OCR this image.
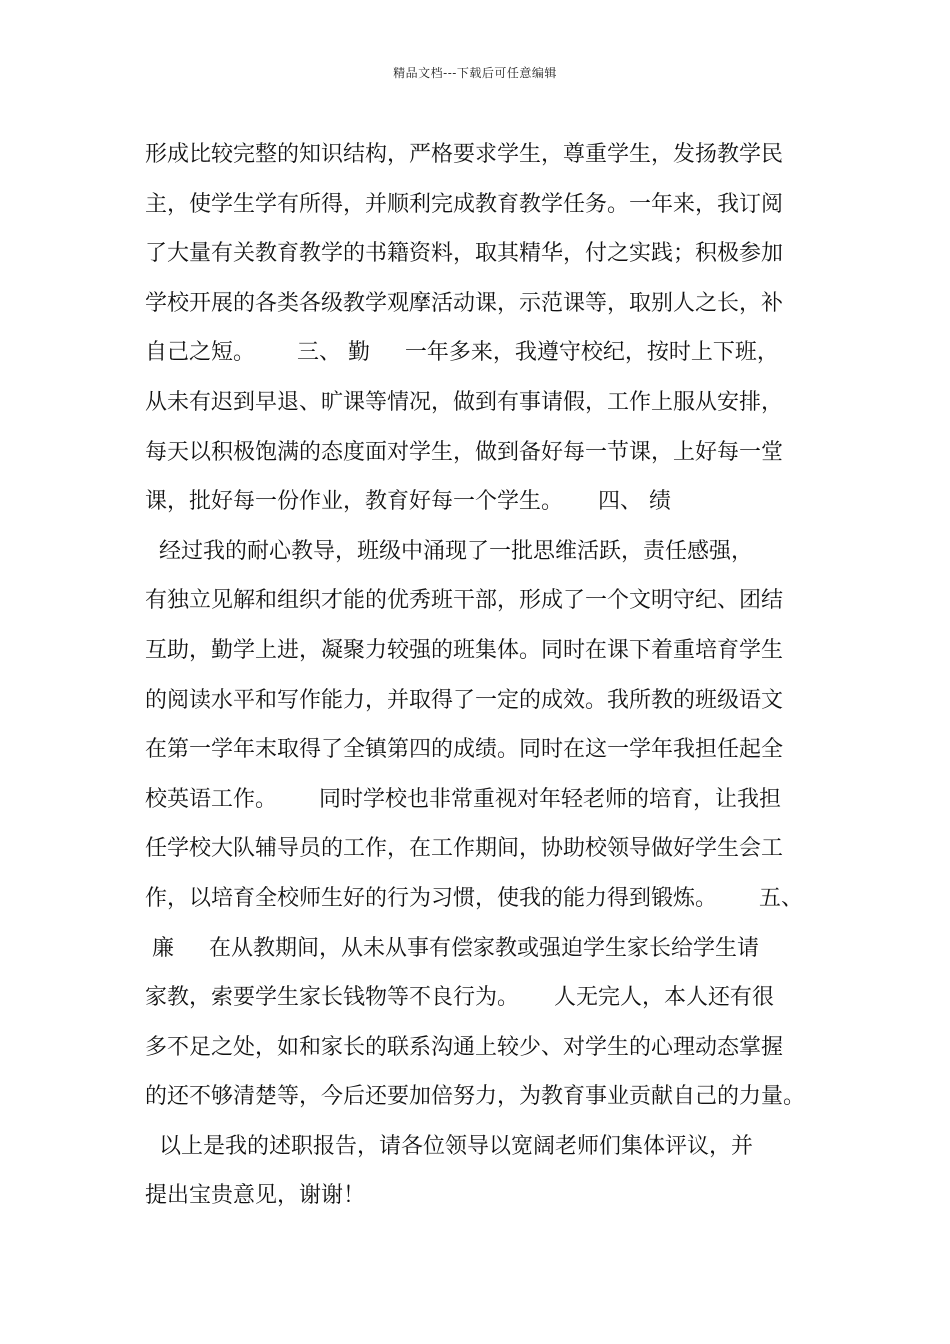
精品文档---下载后可任意编辑
形成比较完整的知识结构，严格要求学生，尊重学生，发扬教学民
主，使学生学有所得，并顺利完成教育教学任务。一年来，我订阅
了大量有关教育教学的书籍资料，取其精华，付之实践；积极参加
学校开展的各类各级教学观摩活动课，示范课等，取别人之长，补
自己之短。      三、 勤     一年多来，我遵守校纪，按时上下班，
从未有迟到早退、旷课等情况，做到有事请假，工作上服从安排，
每天以积极饱满的态度面对学生，做到备好每一节课，上好每一堂
课，批好每一份作业，教育好每一个学生。     四、 绩
经过我的耐心教导，班级中涌现了一批思维活跃，责任感强，
有独立见解和组织才能的优秀班干部，形成了一个文明守纪、团结
互助，勤学上进，凝聚力较强的班集体。同时在课下着重培育学生
的阅读水平和写作能力，并取得了一定的成效。我所教的班级语文
在第一学年末取得了全镇第四的成绩。同时在这一学年我担任起全
校英语工作。      同时学校也非常重视对年轻老师的培育，让我担
任学校大队辅导员的工作，在工作期间，协助校领导做好学生会工
作，以培育全校师生好的行为习惯，使我的能力得到锻炼。      五、
廉     在从教期间，从未从事有偿家教或强迫学生家长给学生请
家教，索要学生家长钱物等不良行为。     人无完人，本人还有很
多不足之处，如和家长的联系沟通上较少、对学生的心理动态掌握
的还不够清楚等，今后还要加倍努力，为教育事业贡献自己的力量。
以上是我的述职报告，请各位领导以宽阔老师们集体评议，并
提出宝贵意见，谢谢！
